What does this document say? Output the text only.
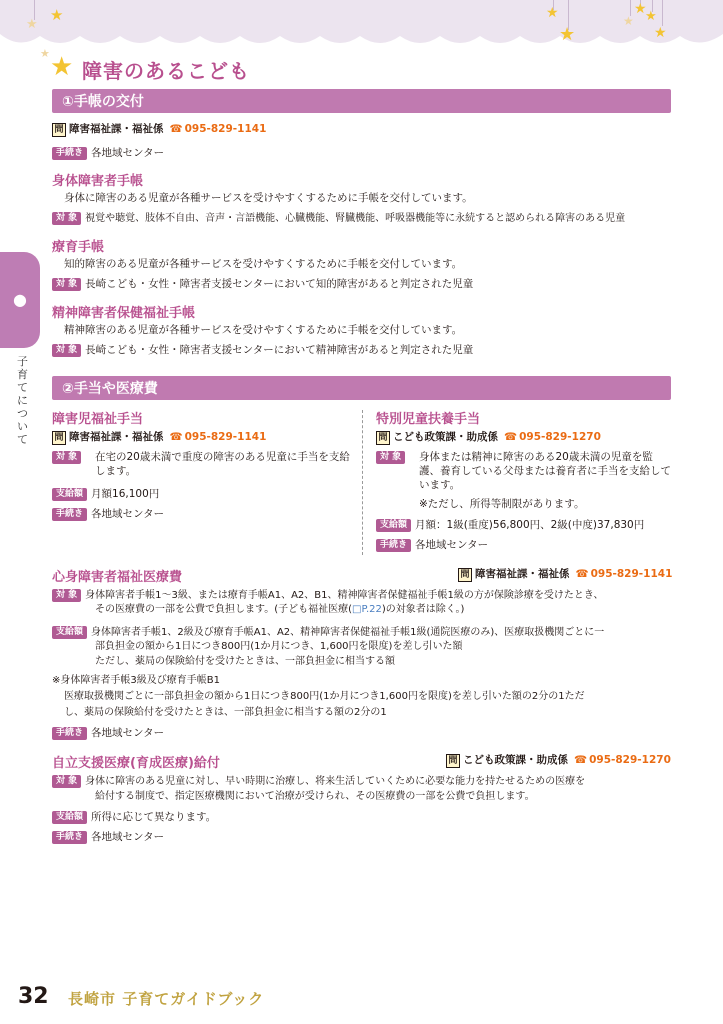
★
★
★
★
★
★
★
★
★
★ 障害のあるこども
●
子育てについて
①手帳の交付
問 障害福祉課・福祉係 ☎ 095-829-1141
手続き 各地域センター
身体障害者手帳
身体に障害のある児童が各種サービスを受けやすくするために手帳を交付しています。
対 象 視覚や聴覚、肢体不自由、音声・言語機能、心臓機能、腎臓機能、呼吸器機能等に永続すると認められる障害のある児童
療育手帳
知的障害のある児童が各種サービスを受けやすくするために手帳を交付しています。
対 象 長崎こども・女性・障害者支援センターにおいて知的障害があると判定された児童
精神障害者保健福祉手帳
精神障害のある児童が各種サービスを受けやすくするために手帳を交付しています。
対 象 長崎こども・女性・障害者支援センターにおいて精神障害があると判定された児童
②手当や医療費
障害児福祉手当
問 障害福祉課・福祉係 ☎ 095-829-1141
対 象	在宅の20歳未満で重度の障害のある児童に手当を支給します。
支給額 月額16,100円
手続き 各地域センター
特別児童扶養手当
問 こども政策課・助成係 ☎ 095-829-1270
対 象	身体または精神に障害のある20歳未満の児童を監護、養育している父母または養育者に手当を支給しています。
※ただし、所得等制限があります。
支給額 月額：1級(重度)56,800円、2級(中度)37,830円
手続き 各地域センター
心身障害者福祉医療費	問 障害福祉課・福祉係 ☎ 095-829-1141
対 象 身体障害者手帳1～3級、または療育手帳A1、A2、B1、精神障害者保健福祉手帳1級の方が保険診療を受けたとき、
その医療費の一部を公費で負担します。(子ども福祉医療(□P.22)の対象者は除く。)
支給額 身体障害者手帳1、2級及び療育手帳A1、A2、精神障害者保健福祉手帳1級(通院医療のみ)、医療取扱機関ごとに一
部負担金の額から1日につき800円(1か月につき、1,600円を限度)を差し引いた額
ただし、薬局の保険給付を受けたときは、一部負担金に相当する額
※身体障害者手帳3級及び療育手帳B1
医療取扱機関ごとに一部負担金の額から1日につき800円(1か月につき1,600円を限度)を差し引いた額の2分の1ただ
し、薬局の保険給付を受けたときは、一部負担金に相当する額の2分の1
手続き 各地域センター
自立支援医療(育成医療)給付	問 こども政策課・助成係 ☎ 095-829-1270
対 象 身体に障害のある児童に対し、早い時期に治療し、将来生活していくために必要な能力を持たせるための医療を
給付する制度で、指定医療機関において治療が受けられ、その医療費の一部を公費で負担します。
支給額 所得に応じて異なります。
手続き 各地域センター
32 長崎市 子育てガイドブック
